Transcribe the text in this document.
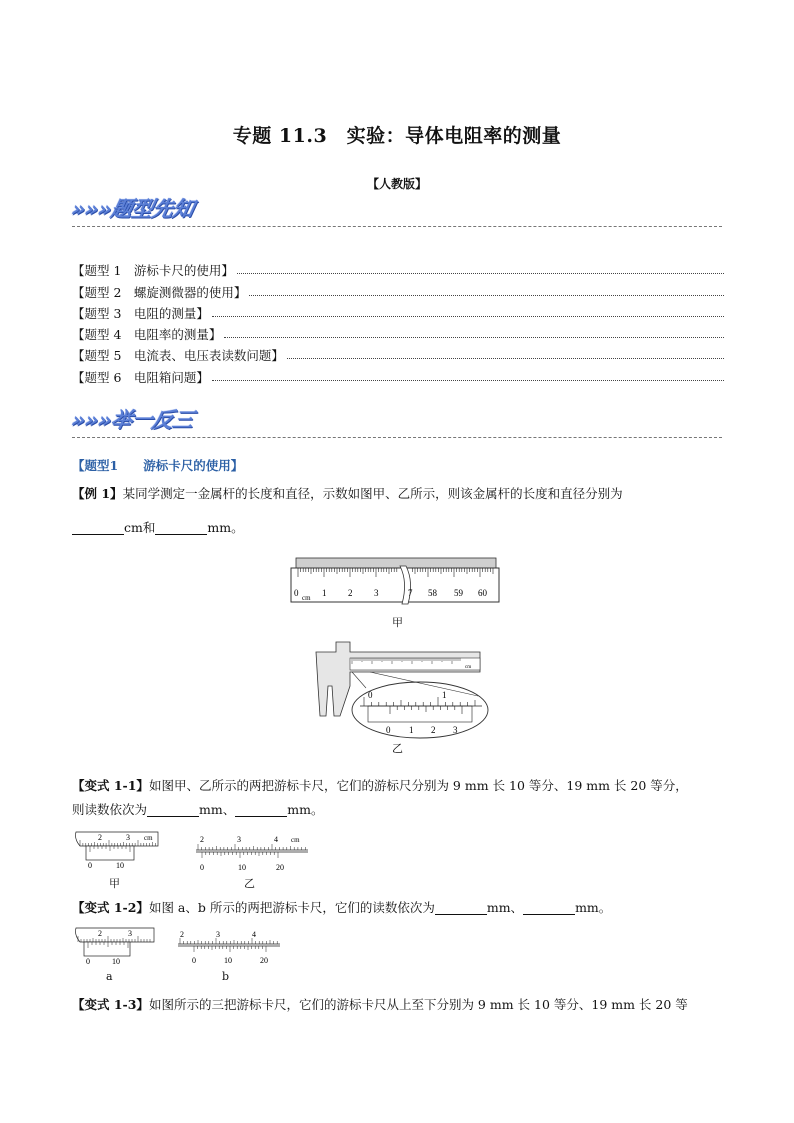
专题 11.3　实验：导体电阻率的测量
【人教版】
»»»题型先知
【题型 1　游标卡尺的使用】
【题型 2　螺旋测微器的使用】
【题型 3　电阻的测量】
【题型 4　电阻率的测量】
【题型 5　电流表、电压表读数问题】
【题型 6　电阻箱问题】
»»»举一反三
【题型1　　游标卡尺的使用】
【例 1】某同学测定一金属杆的长度和直径，示数如图甲、乙所示，则该金属杆的长度和直径分别为
cm和	mm。
0 cm 1 2 3	7 58 59 60
甲
cm
0	1
0 1 2 3
乙
【变式 1-1】如图甲、乙所示的两把游标卡尺，它们的游标尺分别为 9 mm 长 10 等分、19 mm 长 20 等分，
则读数依次为	mm、	mm。
2	3 cm
0	10
甲
2	3	4 cm
0	10	20
乙
【变式 1-2】如图 a、b 所示的两把游标卡尺，它们的读数依次为	mm、	mm。
2	3
0	10
a
2	3	4
0	10	20
b
【变式 1-3】如图所示的三把游标卡尺，它们的游标卡尺从上至下分别为 9 mm 长 10 等分、19 mm 长 20 等
